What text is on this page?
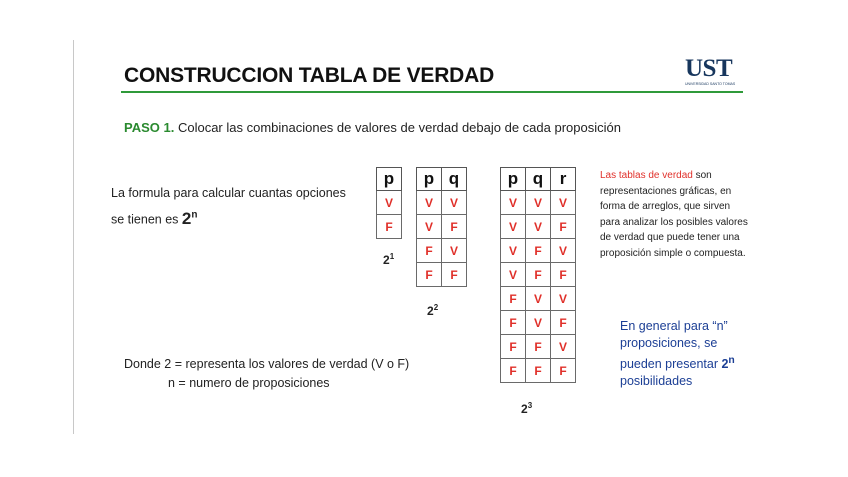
CONSTRUCCION TABLA DE VERDAD	UST
UNIVERSIDAD SANTO TOMAS
PASO 1. Colocar las combinaciones de valores de verdad debajo de cada proposición
La formula para calcular cuantas opciones
se tienen es 2$^n$
Donde 2 = representa los valores de verdad (V o F)
n = numero de proposiciones
p
V
F
$2^1$
p	q
V	V
V	F
F	V
F	F
$2^2$
p	q	r
V	V	V
V	V	F
V	F	V
V	F	F
F	V	V
F	V	F
F	F	V
F	F	F
$2^3$
Las tablas de verdad son representaciones gráficas, en forma de arreglos, que sirven para analizar los posibles valores de verdad que puede tener una proposición simple o compuesta.
En general para “n” proposiciones, se pueden presentar 2$^n$ posibilidades
